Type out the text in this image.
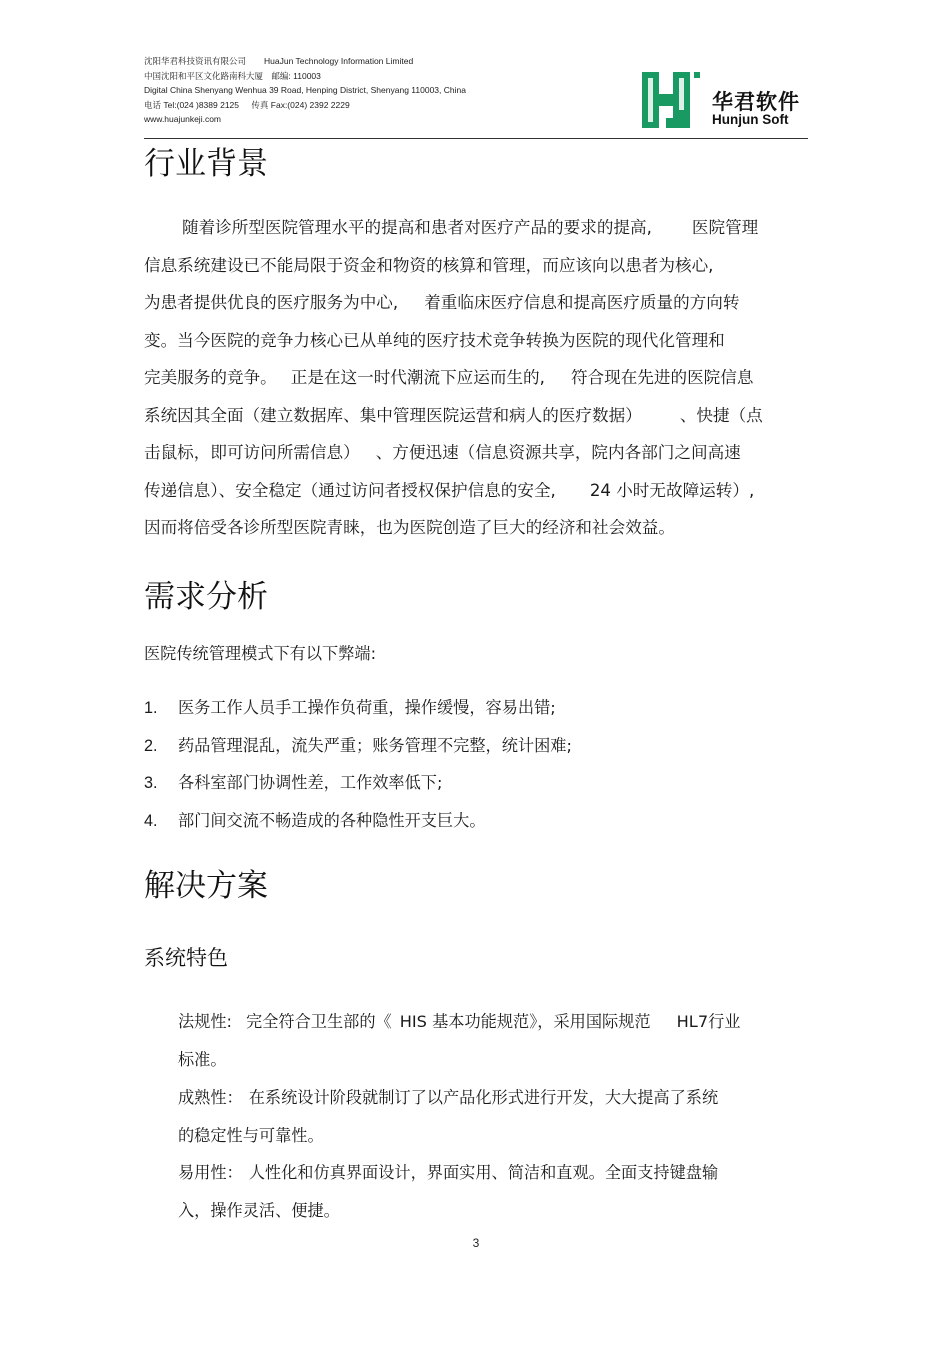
沈阳华君科技资讯有限公司 HuaJun Technology Information Limited
中国沈阳和平区文化路南科大厦 邮编: 110003
Digital China Shenyang Wenhua 39 Road, Henping District, Shenyang 110003, China
电话 Tel:(024 )8389 2125 传真 Fax:(024) 2392 2229
www.huajunkeji.com
华君软件
Hunjun Soft
行业背景
随着诊所型医院管理水平的提高和患者对医疗产品的要求的提高, 医院管理
信息系统建设已不能局限于资金和物资的核算和管理，而应该向以患者为核心,
为患者提供优良的医疗服务为中心, 着重临床医疗信息和提高医疗质量的方向转
变。当今医院的竞争力核心已从单纯的医疗技术竞争转换为医院的现代化管理和
完美服务的竞争。 正是在这一时代潮流下应运而生的, 符合现在先进的医院信息
系统因其全面（建立数据库、集中管理医院运营和病人的医疗数据） 、快捷（点
击鼠标，即可访问所需信息） 、方便迅速（信息资源共享，院内各部门之间高速
传递信息）、安全稳定（通过访问者授权保护信息的安全, 24 小时无故障运转）,
因而将倍受各诊所型医院青睐，也为医院创造了巨大的经济和社会效益。
需求分析
医院传统管理模式下有以下弊端:
1. 医务工作人员手工操作负荷重，操作缓慢，容易出错;
2. 药品管理混乱，流失严重；账务管理不完整，统计困难;
3. 各科室部门协调性差，工作效率低下;
4. 部门间交流不畅造成的各种隐性开支巨大。
解决方案
系统特色
法规性: 完全符合卫生部的《 HIS 基本功能规范》，采用国际规范 HL7行业
标准。
成熟性： 在系统设计阶段就制订了以产品化形式进行开发，大大提高了系统
的稳定性与可靠性。
易用性： 人性化和仿真界面设计，界面实用、简洁和直观。全面支持键盘输
入，操作灵活、便捷。
3
